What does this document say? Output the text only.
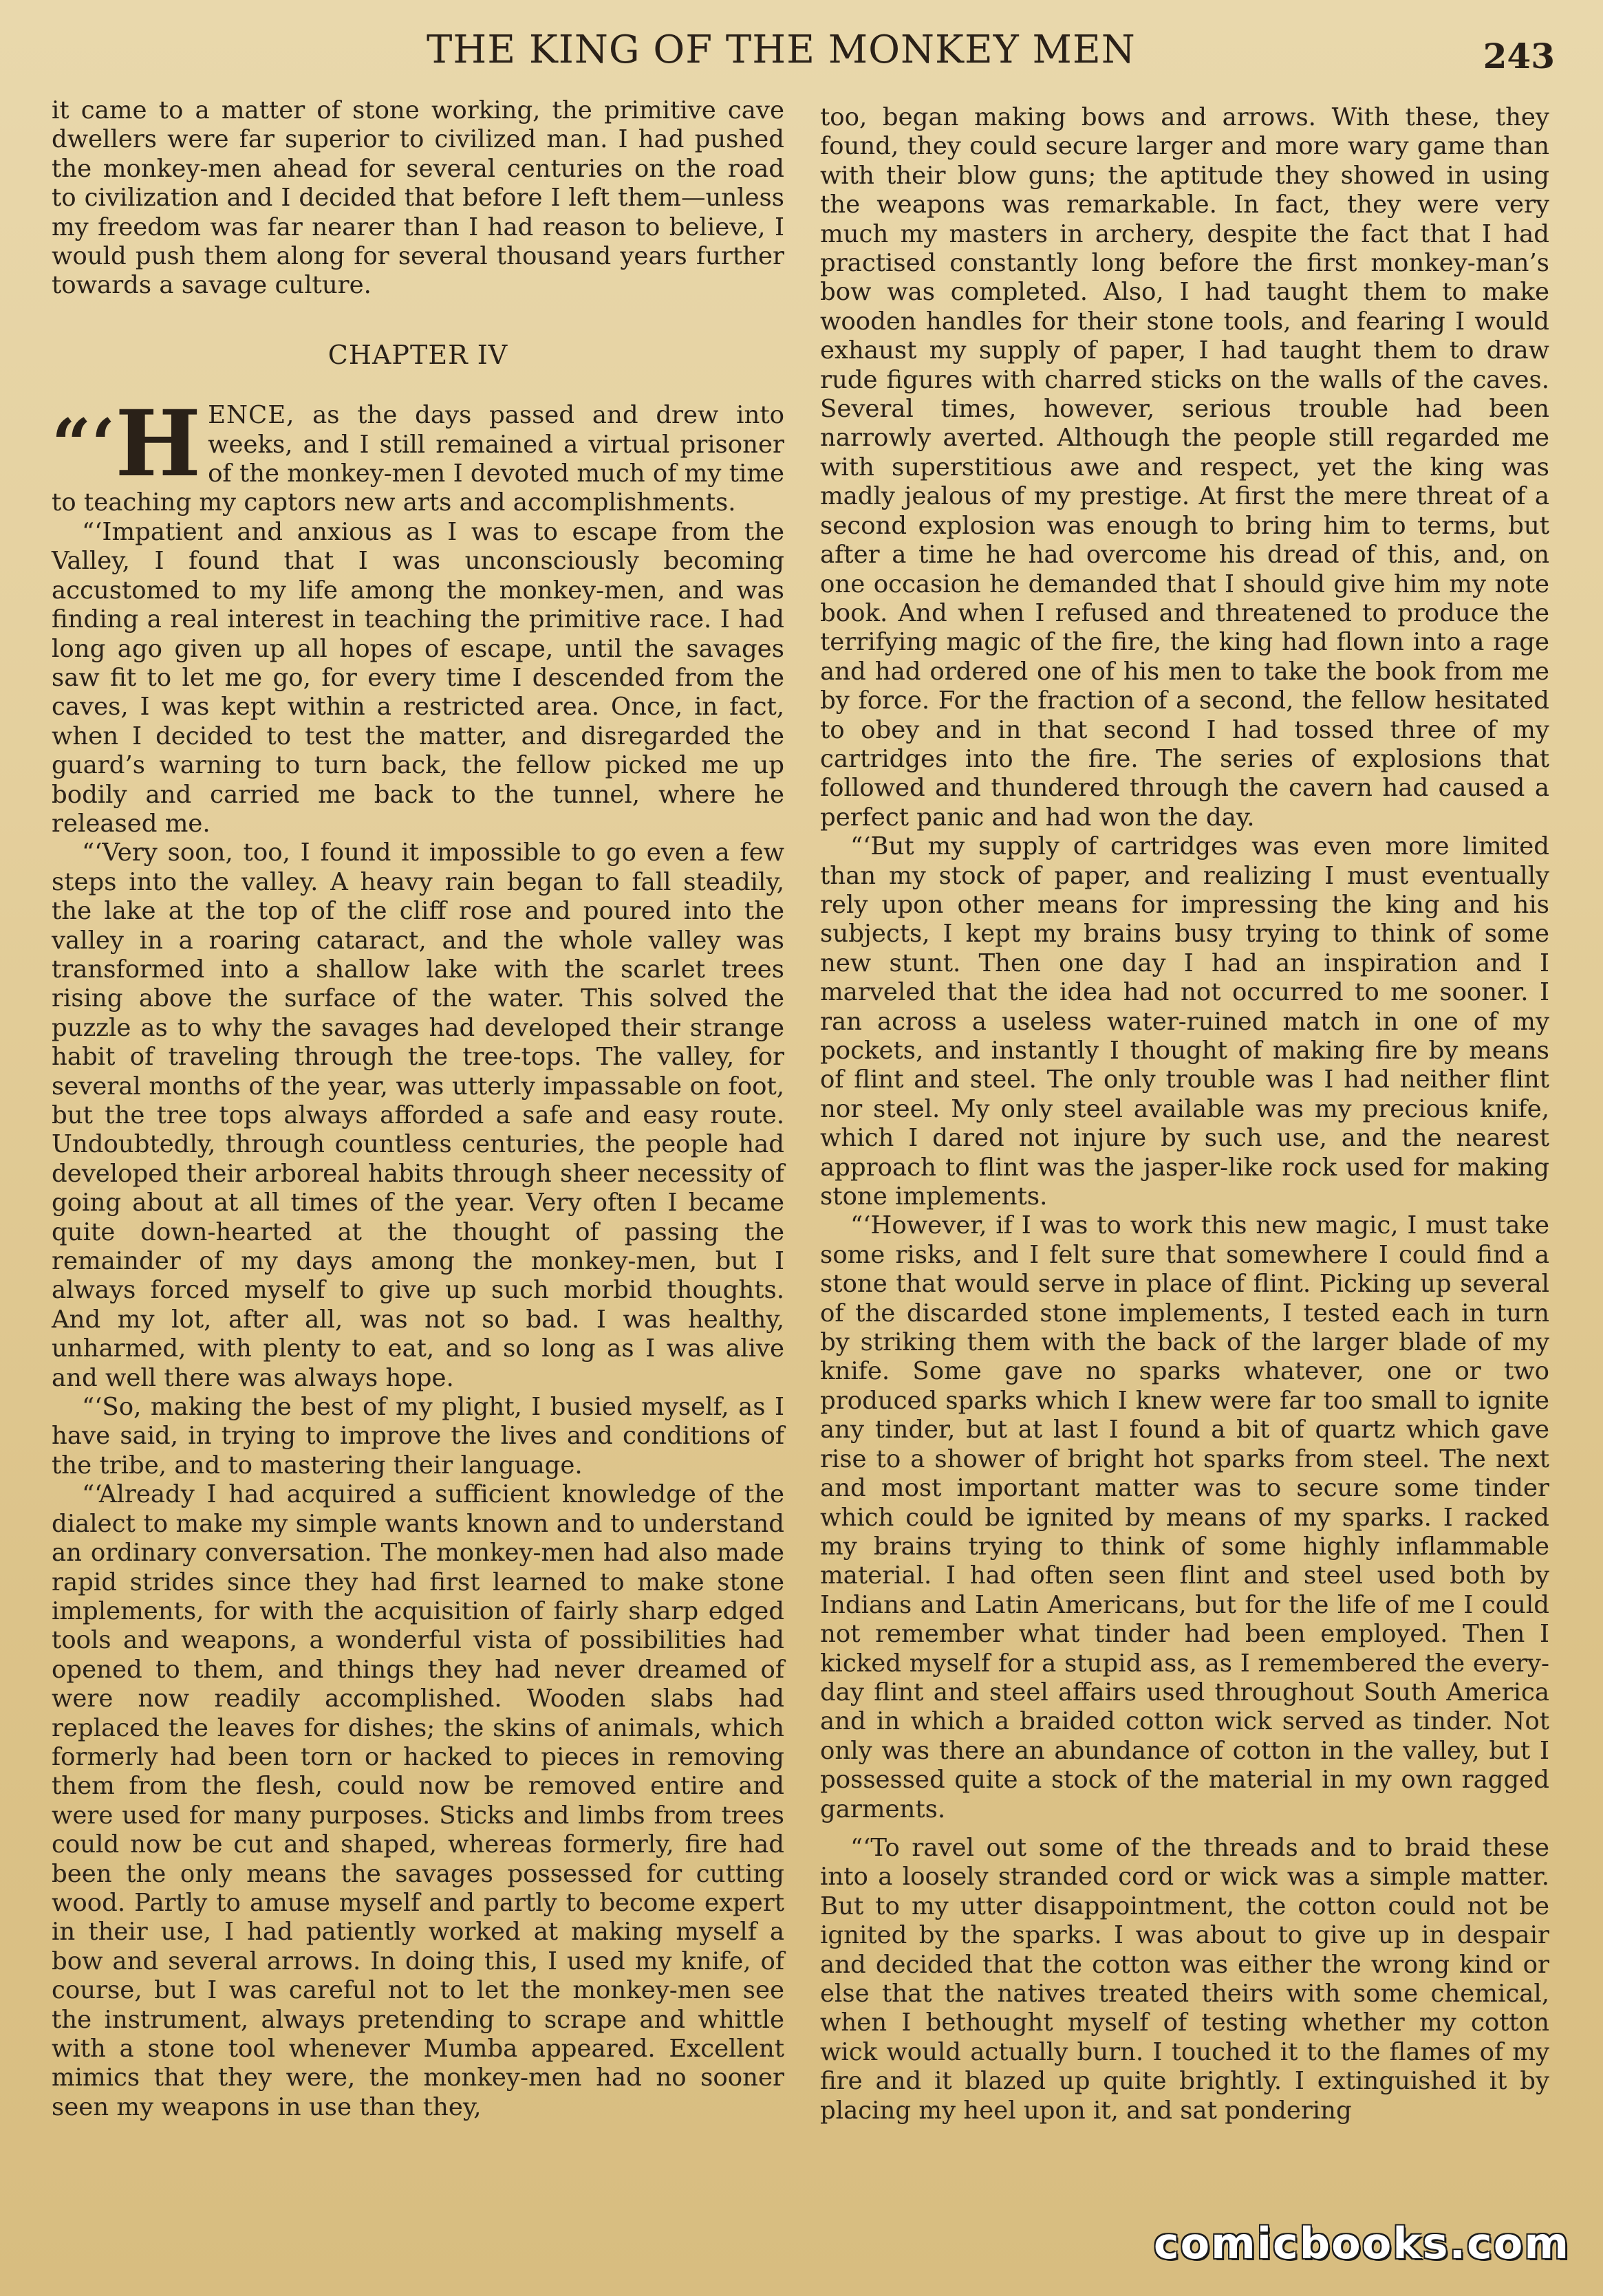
THE KING OF THE MONKEY MEN	243

it came to a matter of stone working, the primitive cave dwellers were far superior to civilized man. I had pushed the monkey-men ahead for several centuries on the road to civilization and I decided that before I left them—unless my freedom was far nearer than I had reason to believe, I would push them along for several thousand years further towards a savage culture.

CHAPTER IV

“‘H ENCE, as the days passed and drew into weeks, and I still remained a virtual prisoner of the monkey-men I devoted much of my time to teaching my captors new arts and accomplishments.

“‘Impatient and anxious as I was to escape from the Valley, I found that I was unconsciously becoming accustomed to my life among the monkey-men, and was finding a real interest in teaching the primitive race. I had long ago given up all hopes of escape, until the savages saw fit to let me go, for every time I descended from the caves, I was kept within a restricted area. Once, in fact, when I decided to test the matter, and disregarded the guard’s warning to turn back, the fellow picked me up bodily and carried me back to the tunnel, where he released me.

“‘Very soon, too, I found it impossible to go even a few steps into the valley. A heavy rain began to fall steadily, the lake at the top of the cliff rose and poured into the valley in a roaring cataract, and the whole valley was transformed into a shallow lake with the scarlet trees rising above the surface of the water. This solved the puzzle as to why the savages had developed their strange habit of traveling through the tree-tops. The valley, for several months of the year, was utterly impassable on foot, but the tree tops always afforded a safe and easy route. Undoubtedly, through countless centuries, the people had developed their arboreal habits through sheer necessity of going about at all times of the year. Very often I became quite down-hearted at the thought of passing the remainder of my days among the monkey-men, but I always forced myself to give up such morbid thoughts. And my lot, after all, was not so bad. I was healthy, unharmed, with plenty to eat, and so long as I was alive and well there was always hope.

“‘So, making the best of my plight, I busied myself, as I have said, in trying to improve the lives and conditions of the tribe, and to mastering their language.

“‘Already I had acquired a sufficient knowledge of the dialect to make my simple wants known and to understand an ordinary conversation. The monkey-men had also made rapid strides since they had first learned to make stone implements, for with the acquisition of fairly sharp edged tools and weapons, a wonderful vista of possibilities had opened to them, and things they had never dreamed of were now readily accomplished. Wooden slabs had replaced the leaves for dishes; the skins of animals, which formerly had been torn or hacked to pieces in removing them from the flesh, could now be removed entire and were used for many purposes. Sticks and limbs from trees could now be cut and shaped, whereas formerly, fire had been the only means the savages possessed for cutting wood. Partly to amuse myself and partly to become expert in their use, I had patiently worked at making myself a bow and several arrows. In doing this, I used my knife, of course, but I was careful not to let the monkey-men see the instrument, always pretending to scrape and whittle with a stone tool whenever Mumba appeared. Excellent mimics that they were, the monkey-men had no sooner seen my weapons in use than they,

too, began making bows and arrows. With these, they found, they could secure larger and more wary game than with their blow guns; the aptitude they showed in using the weapons was remarkable. In fact, they were very much my masters in archery, despite the fact that I had practised constantly long before the first monkey-man’s bow was completed. Also, I had taught them to make wooden handles for their stone tools, and fearing I would exhaust my supply of paper, I had taught them to draw rude figures with charred sticks on the walls of the caves. Several times, however, serious trouble had been narrowly averted. Although the people still regarded me with superstitious awe and respect, yet the king was madly jealous of my prestige. At first the mere threat of a second explosion was enough to bring him to terms, but after a time he had overcome his dread of this, and, on one occasion he demanded that I should give him my note book. And when I refused and threatened to produce the terrifying magic of the fire, the king had flown into a rage and had ordered one of his men to take the book from me by force. For the fraction of a second, the fellow hesitated to obey and in that second I had tossed three of my cartridges into the fire. The series of explosions that followed and thundered through the cavern had caused a perfect panic and had won the day.

“‘But my supply of cartridges was even more limited than my stock of paper, and realizing I must eventually rely upon other means for impressing the king and his subjects, I kept my brains busy trying to think of some new stunt. Then one day I had an inspiration and I marveled that the idea had not occurred to me sooner. I ran across a useless water-ruined match in one of my pockets, and instantly I thought of making fire by means of flint and steel. The only trouble was I had neither flint nor steel. My only steel available was my precious knife, which I dared not injure by such use, and the nearest approach to flint was the jasper-like rock used for making stone implements.

“‘However, if I was to work this new magic, I must take some risks, and I felt sure that somewhere I could find a stone that would serve in place of flint. Picking up several of the discarded stone implements, I tested each in turn by striking them with the back of the larger blade of my knife. Some gave no sparks whatever, one or two produced sparks which I knew were far too small to ignite any tinder, but at last I found a bit of quartz which gave rise to a shower of bright hot sparks from steel. The next and most important matter was to secure some tinder which could be ignited by means of my sparks. I racked my brains trying to think of some highly inflammable material. I had often seen flint and steel used both by Indians and Latin Americans, but for the life of me I could not remember what tinder had been employed. Then I kicked myself for a stupid ass, as I remembered the every-day flint and steel affairs used throughout South America and in which a braided cotton wick served as tinder. Not only was there an abundance of cotton in the valley, but I possessed quite a stock of the material in my own ragged garments.

“‘To ravel out some of the threads and to braid these into a loosely stranded cord or wick was a simple matter. But to my utter disappointment, the cotton could not be ignited by the sparks. I was about to give up in despair and decided that the cotton was either the wrong kind or else that the natives treated theirs with some chemical, when I bethought myself of testing whether my cotton wick would actually burn. I touched it to the flames of my fire and it blazed up quite brightly. I extinguished it by placing my heel upon it, and sat pondering

comicbooks.com
